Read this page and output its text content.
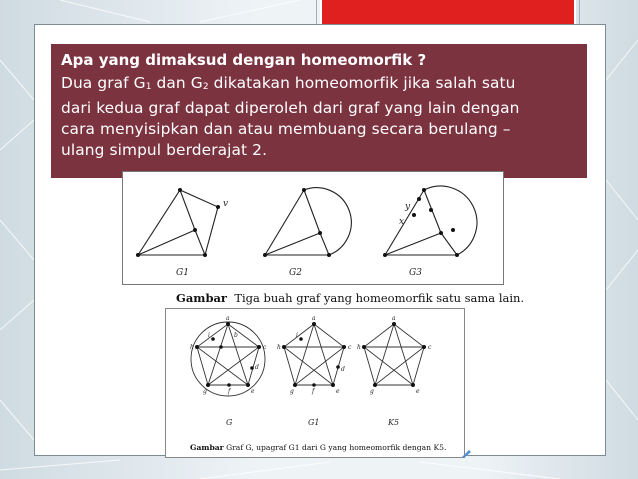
Apa yang dimaksud dengan homeomorfik ?

Dua graf $G_1$ dan $G_2$ dikatakan homeomorfik jika salah satu
dari kedua graf dapat diperoleh dari graf yang lain dengan
cara menyisipkan dan atau membuang secara berulang –
ulang simpul berderajat 2.

v	y
x
G1	G2	G3
Gambar Tiga buah graf yang homeomorfik satu sama lain.
a
c
d
e
f
g
h
i	b
a
c
d
e
f
g
h
i
a
c
e
g
h
G	G1	K5
Gambar Graf G, upagraf G1 dari G yang homeomorfik dengan K5.
